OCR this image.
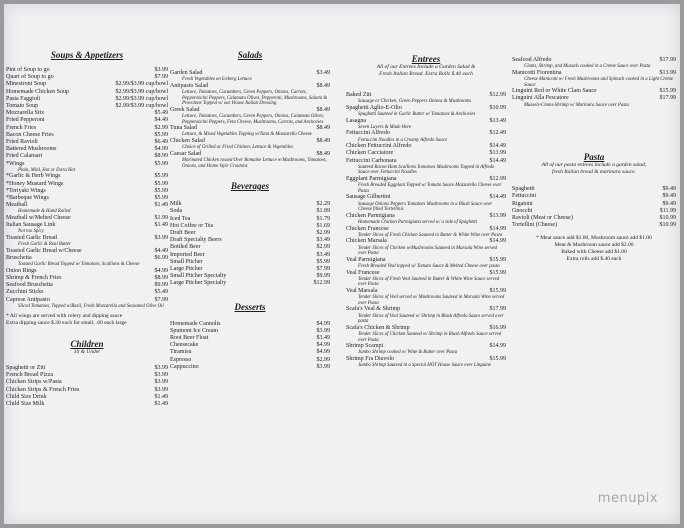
Soups & Appetizers
Pint of Soup to go	$3.99
Quart of Soup to go	$7.99
Minestroni Soup	$2.99/$3.99 cup/bowl
Homemade Chicken Soup	$2.99/$3.99 cup/bowl
Pasta Faggioli	$2.99/$3.99 cup/bowl
Tomato Soup	$2.99/$3.99 cup/bowl
Mozzarella Stix	$5.49
Fried Pepperoni	$4.49
French Fries	$2.99
Bacon Cheese Fries	$5.99
Fried Ravioli	$6.49
Battered Mushrooms	$4.99
Fried Calamari	$8.99
*Wings	$5.99
Plain, Mild, Hot or Extra Hot
*Garlic & Herb Wings	$5.99
*Honey Mustard Wings	$5.99
*Teriyaki Wings	$5.99
*Barbeque Wings	$5.99
Meatball	$1.49
Homemade & Hand Rolled
Meatball w/Melted Cheese	$1.99
Italian Sausage Link	$1.49
Not too Spicy
Toasted Garlic Bread	$3.99
Fresh Garlic & Real Butter
Toasted Garlic Bread w/Cheese	$4.49
Bruschetta	$6.99
Toasted Garlic Bread Topped w/ Tomatoes, Scallions & Cheese
Onion Rings	$4.99
Shrimp & French Fries	$8.99
Seafood Bruschetta	$9.99
Zucchini Sticks	$5.49
Caprese Antipasto	$7.99
Sliced Tomatoes, Topped w/Basil, Fresh Mozzarella and Seasoned Olive Oil
* All wings are served with celery and dipping sauce
Extra dipping sauce $.30 each for small, .60 each large
Children
10 & Under
Spaghetti or Ziti	$3.99
French Bread Pizza	$3.99
Chicken Strips w/Pasta	$3.99
Chicken Strips & French Fries	$3.99
Child Size Drink	$1.49
Child Size Milk	$1.49
Salads
Garden Salad	$3.49
Fresh Vegetables on Iceberg Lettuce
Antipasto Salad	$8.49
Lettuce, Tomatoes, Cucumbers, Green Peppers, Onions, Carrots, Pepperoncini Peppers, Calamata Olives, Pepperoni, Mushrooms, Salami & Provolone Topped w/ our House Italian Dressing
Greek Salad	$8.49
Lettuce, Tomatoes, Cucumbers, Green Peppers, Onions, Calamata Olives, Pepperoncini Peppers, Feta Cheese, Mushrooms, Carrots, and Anchovies
Tuna Salad	$8.49
Lettuce, & Mixed Vegetables Topping w/Tuna & Mozzarella Cheese
Chicken Salad	$8.49
Choice of Grilled or Fried Chicken, Lettuce & Vegetables
Caesar Salad	$8.49
Marinated Chicken tossed Over Romaine Lettuce w/Mushrooms, Tomatoes, Onions, and Home Style Croutons
Beverages
Milk	$2.29
Soda	$1.89
Iced Tea	$1.79
Hot Coffee or Tea	$1.69
Draft Beer	$2.99
Draft Specialty Beers	$3.49
Bottled Beer	$2.99
Imported Beer	$3.49
Small Pitcher	$5.99
Large Pitcher	$7.99
Small Pitcher Specialty	$9.99
Large Pitcher Specialty	$12.99
Desserts
Homemade Cannolis	$4.99
Spumoni Ice Cream	$3.99
Root Beer Float	$3.49
Cheesecake	$4.99
Tiramisu	$4.99
Espresso	$2.99
Cappuccino	$3.99
Entrees
All of our Entrees Include a Garden Salad &
Fresh Italian Bread. Extra Rolls $.40 each
Baked Ziti	$12.99
Sausage or Chicken, Green Peppers Onions & Mushrooms
Spaghetti Aglio-E-Olio	$10.99
Spaghetti Sauteed in Garlic Butter w/ Tomatoes & Anchovies
Lasagna	$13.49
Seven Layers & Made Here
Fettuccini Alfredo	$12.49
Fettuccini Noodles in a Creamy Alfredo Sauce
Chicken Fettuccini Alfredo	$14.49
Chicken Cacciatore	$13.99
Fettuccini Carbonara	$14.49
Sauteed Bacon Ham Scallions Tomatoes Mushrooms Topped in Alfredo Sauce over Fettuccini Noodles
Eggplant Parmigiana	$12.99
Fresh Breaded Eggplant Topped w/ Tomato Sauce Mozzarella Cheese over Pasta
Sausage Gilbertini	$14.49
Sausage Onions Peppers Tomatoes Mushrooms in a Blush Sauce over Cheese filled Tortellinis
Chicken Parmigiana	$13.99
Homemade Chicken Parmigiana served w/ a side of Spaghetti
Chicken Francese	$14.99
Tender Slices of Fresh Chicken Sauteed in Butter & White Wine over Pasta
Chicken Marsala	$14.99
Tender Slices of Chicken w/Mushrooms Sauteed in Marsala Wine served over Pasta
Veal Parmigiana	$15.99
Fresh Breaded Veal topped w/ Tomato Sauce & Melted Cheese over pasta
Veal Francese	$15.99
Tender Slices of Fresh Veal Sauteed in Butter & White Wine Sauce served over Pasta
Veal Marsala	$15.99
Tender Slices of Veal served w/ Mushrooms Sauteed in Marsala Wine served over Pasta
Scafa's Veal & Shrimp	$17.99
Tender Slices of Veal Sauteed w/ Shrimp in Blush Alfredo Sauce served over pasta
Scafa's Chicken & Shrimp	$16.99
Tender Slices of Chicken Sauteed w/ Shrimp in Blush Alfredo Sauce served over Pasta
Shrimp Scampi	$14.99
Jumbo Shrimp cooked w/ Wine & Butter over Pasta
Shrimp Fra Diavolo	$15.99
Jumbo Shrimp Sauteed in a Special HOT House Sauce over Linguine
Seafood Alfredo	$17.99
Clams, Shrimp, and Mussels cooked in a Creme Sauce over Pasta
Manicotti Fiorentina	$13.99
Cheese Manicotti w/ Fresh Mushrooms and Spinach cooked in a Light Crème Sauce
Linguini Red or White Clam Sauce	$15.99
Linguini Alla Pescatore	$17.99
Mussels-Clams-Shrimp w/ Marinara Sauce over Pasta
Pasta
All of our pasta entrees include a garden salad,
fresh Italian bread & marinara sauce.
Spaghetti	$9.49
Fettuccini	$9.49
Rigatoni	$9.49
Gnocchi	$11.99
Ravioli (Meat or Cheese)	$10.99
Tortellini (Cheese)	$10.99
* Meat sauce add $1.00, Mushroom sauce add $1.00
Meat & Mushroom sauce add $2.00
Baked with Cheese add $1.00
Extra rolls add $.40 each
menupix
